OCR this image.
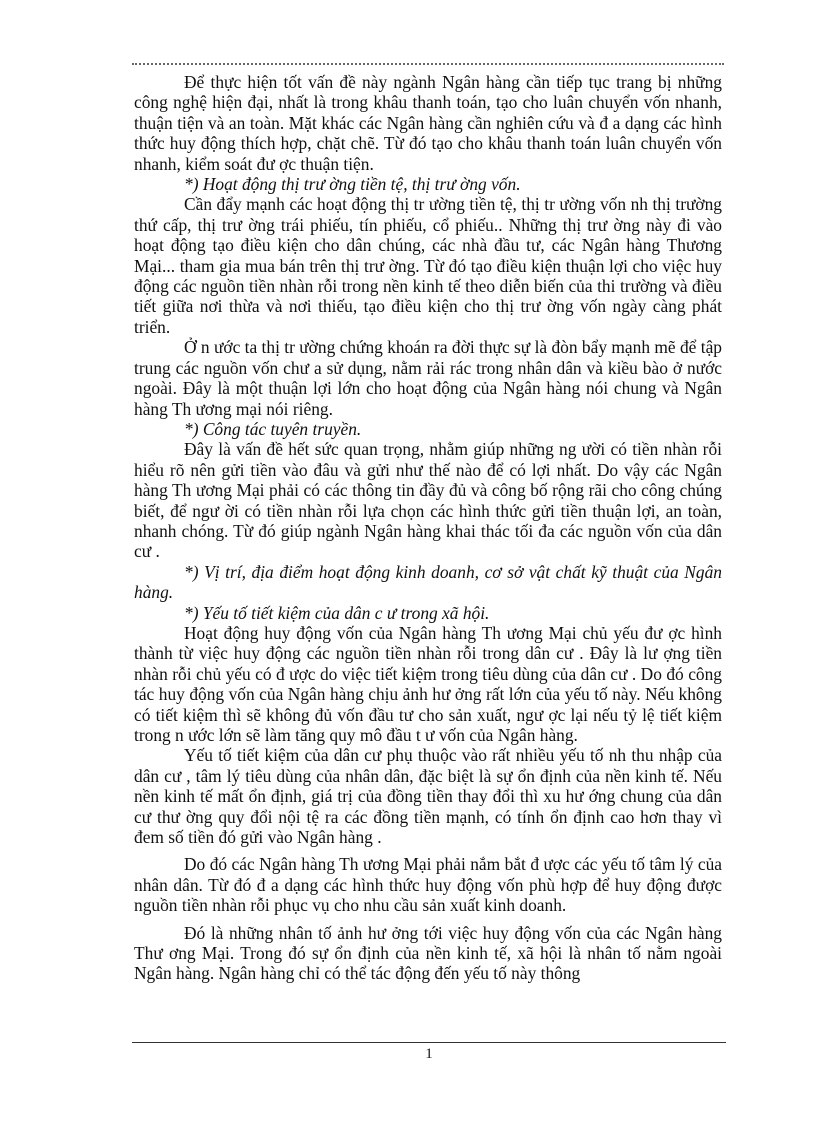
Để thực hiện tốt vấn đề này ngành Ngân hàng cần tiếp tục trang bị những công nghệ hiện đại, nhất là trong khâu thanh toán, tạo cho luân chuyển vốn nhanh, thuận tiện và an toàn. Mặt khác các Ngân hàng cần nghiên cứu và đ a dạng các hình thức huy động thích hợp, chặt chẽ. Từ đó tạo cho khâu thanh toán luân chuyển vốn nhanh, kiểm soát đư ợc thuận tiện.

*) Hoạt động thị trư ờng tiền tệ, thị trư ờng vốn.

Cần đẩy mạnh các hoạt động thị tr ường tiền tệ, thị tr ường vốn nh thị trường thứ cấp, thị trư ờng trái phiếu, tín phiếu, cổ phiếu.. Những thị trư ờng này đi vào hoạt động tạo điều kiện cho dân chúng, các nhà đầu tư, các Ngân hàng Thương Mại... tham gia mua bán trên thị trư ờng. Từ đó tạo điều kiện thuận lợi cho việc huy động các nguồn tiền nhàn rỗi trong nền kinh tế theo diễn biến của thi trường và điều tiết giữa nơi thừa và nơi thiếu, tạo điều kiện cho thị trư ờng vốn ngày càng phát triển.

Ở n ước ta thị tr ường chứng khoán ra đời thực sự là đòn bẩy mạnh mẽ để tập trung các nguồn vốn chư a sử dụng, nằm rải rác trong nhân dân và kiều bào ở nước ngoài. Đây là một thuận lợi lớn cho hoạt động của Ngân hàng nói chung và Ngân hàng Th ương mại nói riêng.

*) Công tác tuyên truyền.

Đây là vấn đề hết sức quan trọng, nhằm giúp những ng ười có tiền nhàn rỗi hiểu rõ nên gửi tiền vào đâu và gửi như thế nào để có lợi nhất. Do vậy các Ngân hàng Th ương Mại phải có các thông tin đầy đủ và công bố rộng rãi cho công chúng biết, để ngư ời có tiền nhàn rỗi lựa chọn các hình thức gửi tiền thuận lợi, an toàn, nhanh chóng. Từ đó giúp ngành Ngân hàng khai thác tối đa các nguồn vốn của dân cư .

*) Vị trí, địa điểm hoạt động kinh doanh, cơ sở vật chất kỹ thuật của Ngân hàng.

*) Yếu tố tiết kiệm của dân c ư trong xã hội.

Hoạt động huy động vốn của Ngân hàng Th ương Mại chủ yếu đư ợc hình thành từ việc huy động các nguồn tiền nhàn rỗi trong dân cư . Đây là lư ợng tiền nhàn rỗi chủ yếu có đ ược do việc tiết kiệm trong tiêu dùng của dân cư . Do đó công tác huy động vốn của Ngân hàng chịu ảnh hư ởng rất lớn của yếu tố này. Nếu không có tiết kiệm thì sẽ không đủ vốn đầu tư cho sản xuất, ngư ợc lại nếu tỷ lệ tiết kiệm trong n ước lớn sẽ làm tăng quy mô đầu t ư vốn của Ngân hàng.

Yếu tố tiết kiệm của dân cư phụ thuộc vào rất nhiều yếu tố nh thu nhập của dân cư , tâm lý tiêu dùng của nhân dân, đặc biệt là sự ổn định của nền kinh tế. Nếu nền kinh tế mất ổn định, giá trị của đồng tiền thay đổi thì xu hư ớng chung của dân cư thư ờng quy đổi nội tệ ra các đồng tiền mạnh, có tính ổn định cao hơn thay vì đem số tiền đó gửi vào Ngân hàng .

Do đó các Ngân hàng Th ương Mại phải nắm bắt đ ược các yếu tố tâm lý của nhân dân. Từ đó đ a dạng các hình thức huy động vốn phù hợp để huy động được nguồn tiền nhàn rỗi phục vụ cho nhu cầu sản xuất kinh doanh.

Đó là những nhân tố ảnh hư ởng tới việc huy động vốn của các Ngân hàng Thư ơng Mại. Trong đó sự ổn định của nền kinh tế, xã hội là nhân tố nằm ngoài Ngân hàng. Ngân hàng chỉ có thể tác động đến yếu tố này thông

1
